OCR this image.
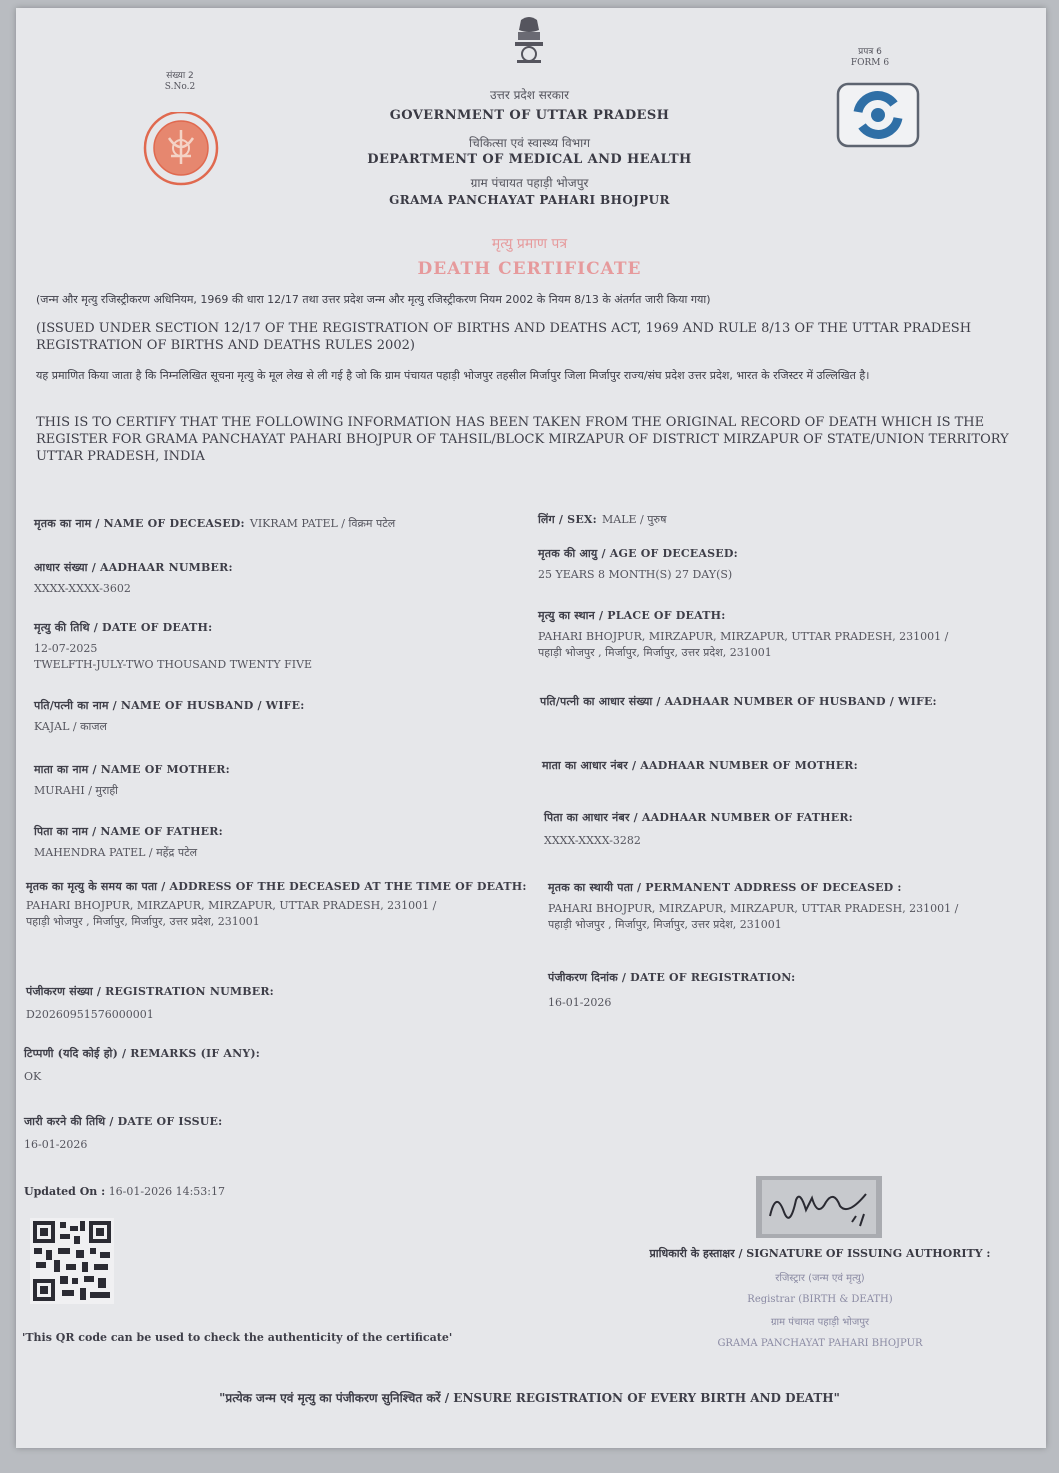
संख्या 2
S.No.2
उत्तर प्रदेश सरकार
GOVERNMENT OF UTTAR PRADESH
चिकित्सा एवं स्वास्थ्य विभाग
DEPARTMENT OF MEDICAL AND HEALTH
ग्राम पंचायत पहाड़ी भोजपुर
GRAMA PANCHAYAT PAHARI BHOJPUR
मृत्यु प्रमाण पत्र
DEATH CERTIFICATE
प्रपत्र 6
FORM 6
(जन्म और मृत्यु रजिस्ट्रीकरण अधिनियम, 1969 की धारा 12/17 तथा उत्तर प्रदेश जन्म और मृत्यु रजिस्ट्रीकरण नियम 2002 के नियम 8/13 के अंतर्गत जारी किया गया)
(ISSUED UNDER SECTION 12/17 OF THE REGISTRATION OF BIRTHS AND DEATHS ACT, 1969 AND RULE 8/13 OF THE UTTAR PRADESH REGISTRATION OF BIRTHS AND DEATHS RULES 2002)
यह प्रमाणित किया जाता है कि निम्नलिखित सूचना मृत्यु के मूल लेख से ली गई है जो कि ग्राम पंचायत पहाड़ी भोजपुर तहसील मिर्जापुर जिला मिर्जापुर राज्य/संघ प्रदेश उत्तर प्रदेश, भारत के रजिस्टर में उल्लिखित है।
THIS IS TO CERTIFY THAT THE FOLLOWING INFORMATION HAS BEEN TAKEN FROM THE ORIGINAL RECORD OF DEATH WHICH IS THE REGISTER FOR GRAMA PANCHAYAT PAHARI BHOJPUR OF TAHSIL/BLOCK MIRZAPUR OF DISTRICT MIRZAPUR OF STATE/UNION TERRITORY UTTAR PRADESH, INDIA
मृतक का नाम / NAME OF DECEASED: VIKRAM PATEL / विक्रम पटेल
आधार संख्या / AADHAAR NUMBER:
XXXX-XXXX-3602
मृत्यु की तिथि / DATE OF DEATH:
12-07-2025
TWELFTH-JULY-TWO THOUSAND TWENTY FIVE
पति/पत्नी का नाम / NAME OF HUSBAND / WIFE:
KAJAL / काजल
माता का नाम / NAME OF MOTHER:
MURAHI / मुराही
पिता का नाम / NAME OF FATHER:
MAHENDRA PATEL / महेंद्र पटेल
मृतक का मृत्यु के समय का पता / ADDRESS OF THE DECEASED AT THE TIME OF DEATH:
PAHARI BHOJPUR, MIRZAPUR, MIRZAPUR, UTTAR PRADESH, 231001 /
पहाड़ी भोजपुर , मिर्जापुर, मिर्जापुर, उत्तर प्रदेश, 231001
पंजीकरण संख्या / REGISTRATION NUMBER:
D20260951576000001
टिप्पणी (यदि कोई हो) / REMARKS (IF ANY):
OK
जारी करने की तिथि / DATE OF ISSUE:
16-01-2026
लिंग / SEX: MALE / पुरुष
मृतक की आयु / AGE OF DECEASED:
25 YEARS 8 MONTH(S) 27 DAY(S)
मृत्यु का स्थान / PLACE OF DEATH:
PAHARI BHOJPUR, MIRZAPUR, MIRZAPUR, UTTAR PRADESH, 231001 /
पहाड़ी भोजपुर , मिर्जापुर, मिर्जापुर, उत्तर प्रदेश, 231001
पति/पत्नी का आधार संख्या / AADHAAR NUMBER OF HUSBAND / WIFE:
माता का आधार नंबर / AADHAAR NUMBER OF MOTHER:
पिता का आधार नंबर / AADHAAR NUMBER OF FATHER:
XXXX-XXXX-3282
मृतक का स्थायी पता / PERMANENT ADDRESS OF DECEASED :
PAHARI BHOJPUR, MIRZAPUR, MIRZAPUR, UTTAR PRADESH, 231001 /
पहाड़ी भोजपुर , मिर्जापुर, मिर्जापुर, उत्तर प्रदेश, 231001
पंजीकरण दिनांक / DATE OF REGISTRATION:
16-01-2026
Updated On : 16-01-2026 14:53:17
'This QR code can be used to check the authenticity of the certificate'
प्राधिकारी के हस्ताक्षर / SIGNATURE OF ISSUING AUTHORITY :
रजिस्ट्रार (जन्म एवं मृत्यु)
Registrar (BIRTH & DEATH)
ग्राम पंचायत पहाड़ी भोजपुर
GRAMA PANCHAYAT PAHARI BHOJPUR
"प्रत्येक जन्म एवं मृत्यु का पंजीकरण सुनिश्चित करें / ENSURE REGISTRATION OF EVERY BIRTH AND DEATH"
